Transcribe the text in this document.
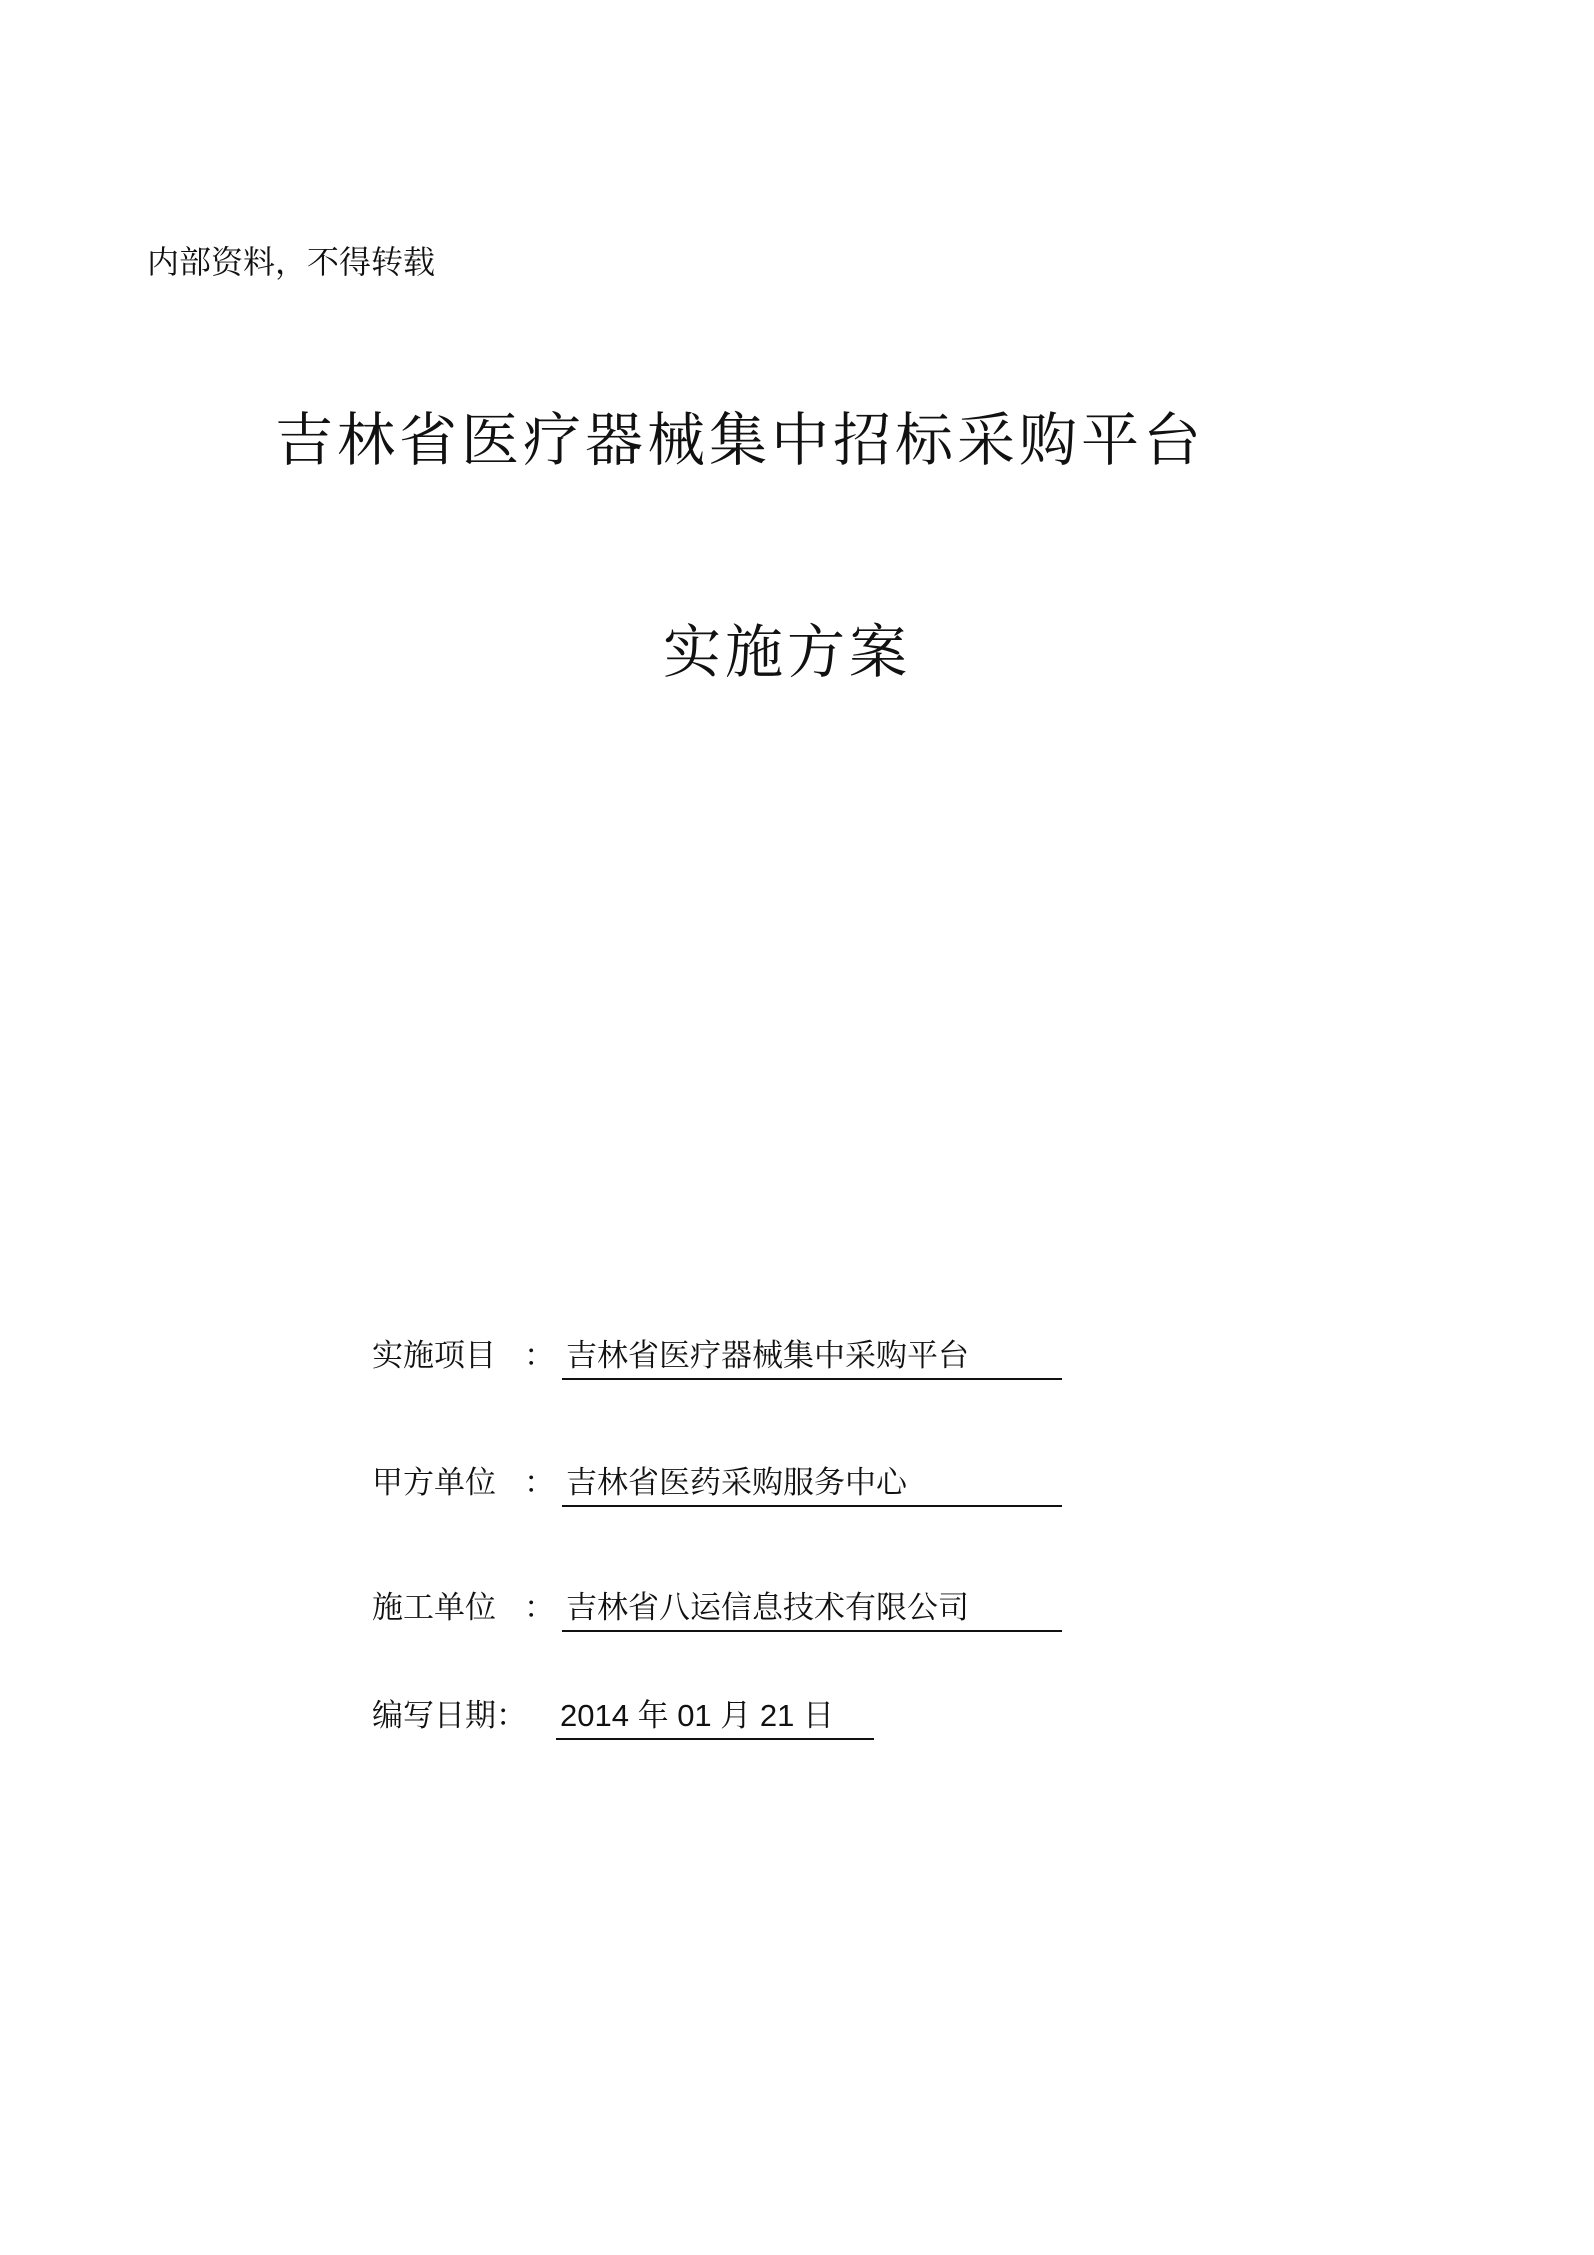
内部资料，不得转载
吉林省医疗器械集中招标采购平台
实施方案
实施项目 ： 吉林省医疗器械集中采购平台
甲方单位 ： 吉林省医药采购服务中心
施工单位 ： 吉林省八运信息技术有限公司
编写日期： 2014 年 01 月 21 日
